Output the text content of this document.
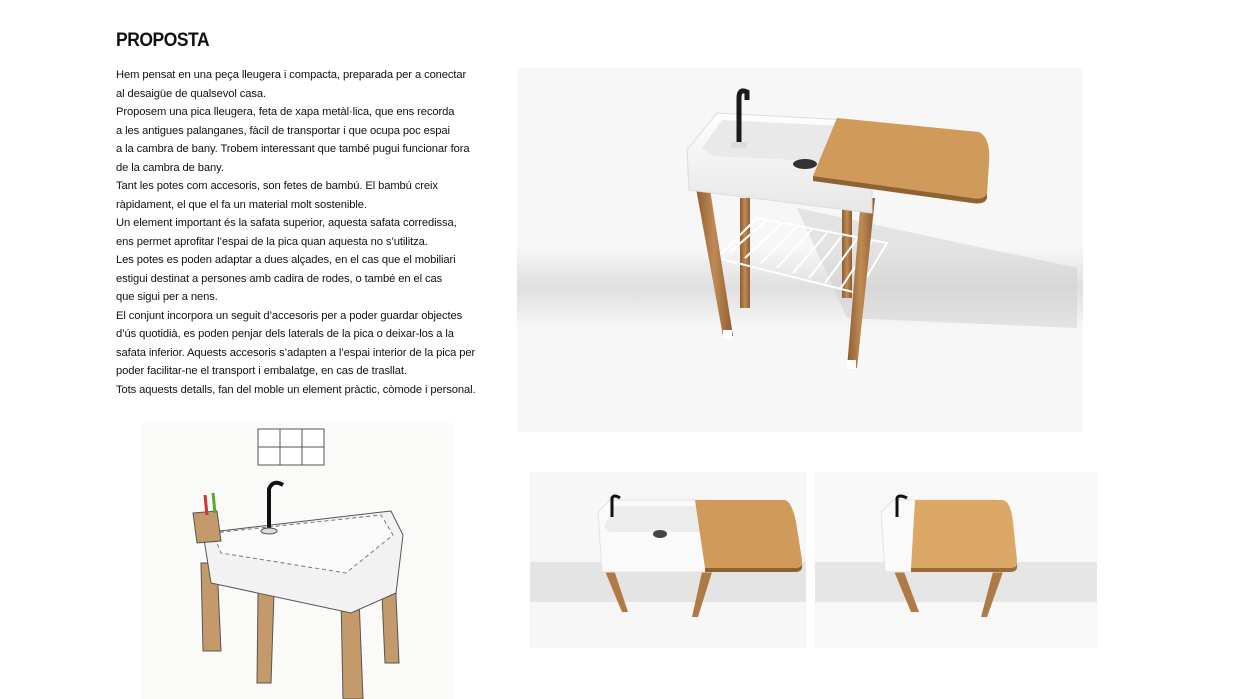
PROPOSTA

Hem pensat en una peça lleugera i compacta, preparada per a conectar

al desaigüe de qualsevol casa.

Proposem una pica lleugera, feta de xapa metàl·lica, que ens recorda

a les antigues palanganes, fàcil de transportar i que ocupa poc espai

a la cambra de bany. Trobem interessant que també pugui funcionar fora

de la cambra de bany.

Tant les potes com accesoris, son fetes de bambú. El bambú creix

ràpidament, el que el fa un material molt sostenible.

Un element important és la safata superior, aquesta safata corredissa,

ens permet aprofitar l’espai de la pica quan aquesta no s’utilitza.

Les potes es poden adaptar a dues alçades, en el cas que el mobiliari

estigui destinat a persones amb cadira de rodes, o també en el cas

que sigui per a nens.

El conjunt incorpora un seguit d’accesoris per a poder guardar objectes

d’ús quotidià, es poden penjar dels laterals de la pica o deixar-los a la

safata inferior. Aquests accesoris s’adapten a l’espai interior de la pica per

poder facilitar-ne el transport i embalatge, en cas de trasllat.

Tots aquests detalls, fan del moble un element pràctic, còmode i personal.
